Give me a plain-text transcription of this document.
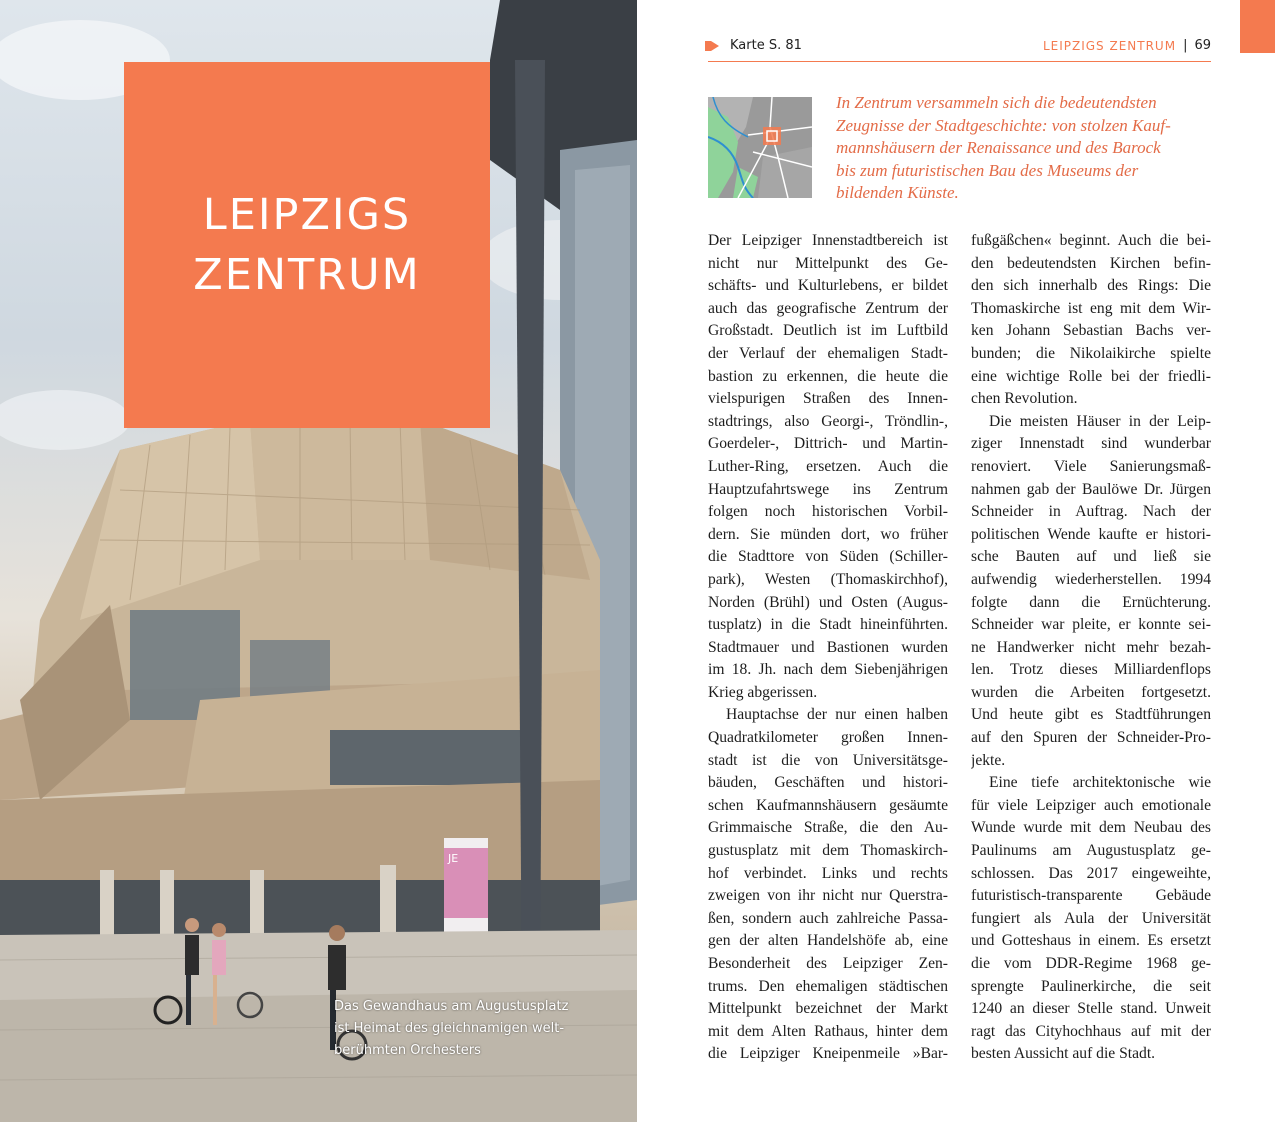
JE
LEIPZIGS
ZENTRUM
Das Gewandhaus am Augustusplatz
ist Heimat des gleichnamigen welt-
berühmten Orchesters
Karte S. 81	LEIPZIGS ZENTRUM | 69
In Zentrum versammeln sich die bedeutendsten
Zeugnisse der Stadtgeschichte: von stolzen Kauf-
mannshäusern der Renaissance und des Barock
bis zum futuristischen Bau des Museums der
bildenden Künste.
Der Leipziger Innenstadtbereich ist
nicht nur Mittelpunkt des Ge-
schäfts- und Kulturlebens, er bildet
auch das geografische Zentrum der
Großstadt. Deutlich ist im Luftbild
der Verlauf der ehemaligen Stadt-
bastion zu erkennen, die heute die
vielspurigen Straßen des Innen-
stadtrings, also Georgi-, Tröndlin-,
Goerdeler-, Dittrich- und Martin-
Luther-Ring, ersetzen. Auch die
Hauptzufahrtswege ins Zentrum
folgen noch historischen Vorbil-
dern. Sie münden dort, wo früher
die Stadttore von Süden (Schiller-
park), Westen (Thomaskirchhof),
Norden (Brühl) und Osten (Augus-
tusplatz) in die Stadt hineinführten.
Stadtmauer und Bastionen wurden
im 18. Jh. nach dem Siebenjährigen
Krieg abgerissen.
Hauptachse der nur einen halben
Quadratkilometer großen Innen-
stadt ist die von Universitätsge-
bäuden, Geschäften und histori-
schen Kaufmannshäusern gesäumte
Grimmaische Straße, die den Au-
gustusplatz mit dem Thomaskirch-
hof verbindet. Links und rechts
zweigen von ihr nicht nur Querstra-
ßen, sondern auch zahlreiche Passa-
gen der alten Handelshöfe ab, eine
Besonderheit des Leipziger Zen-
trums. Den ehemaligen städtischen
Mittelpunkt bezeichnet der Markt
mit dem Alten Rathaus, hinter dem
die Leipziger Kneipenmeile »Bar-
fußgäßchen« beginnt. Auch die bei-
den bedeutendsten Kirchen befin-
den sich innerhalb des Rings: Die
Thomaskirche ist eng mit dem Wir-
ken Johann Sebastian Bachs ver-
bunden; die Nikolaikirche spielte
eine wichtige Rolle bei der friedli-
chen Revolution.
Die meisten Häuser in der Leip-
ziger Innenstadt sind wunderbar
renoviert. Viele Sanierungsmaß-
nahmen gab der Baulöwe Dr. Jürgen
Schneider in Auftrag. Nach der
politischen Wende kaufte er histori-
sche Bauten auf und ließ sie
aufwendig wiederherstellen. 1994
folgte dann die Ernüchterung.
Schneider war pleite, er konnte sei-
ne Handwerker nicht mehr bezah-
len. Trotz dieses Milliardenflops
wurden die Arbeiten fortgesetzt.
Und heute gibt es Stadtführungen
auf den Spuren der Schneider-Pro-
jekte.
Eine tiefe architektonische wie
für viele Leipziger auch emotionale
Wunde wurde mit dem Neubau des
Paulinums am Augustusplatz ge-
schlossen. Das 2017 eingeweihte,
futuristisch-transparente Gebäude
fungiert als Aula der Universität
und Gotteshaus in einem. Es ersetzt
die vom DDR-Regime 1968 ge-
sprengte Paulinerkirche, die seit
1240 an dieser Stelle stand. Unweit
ragt das Cityhochhaus auf mit der
besten Aussicht auf die Stadt.
